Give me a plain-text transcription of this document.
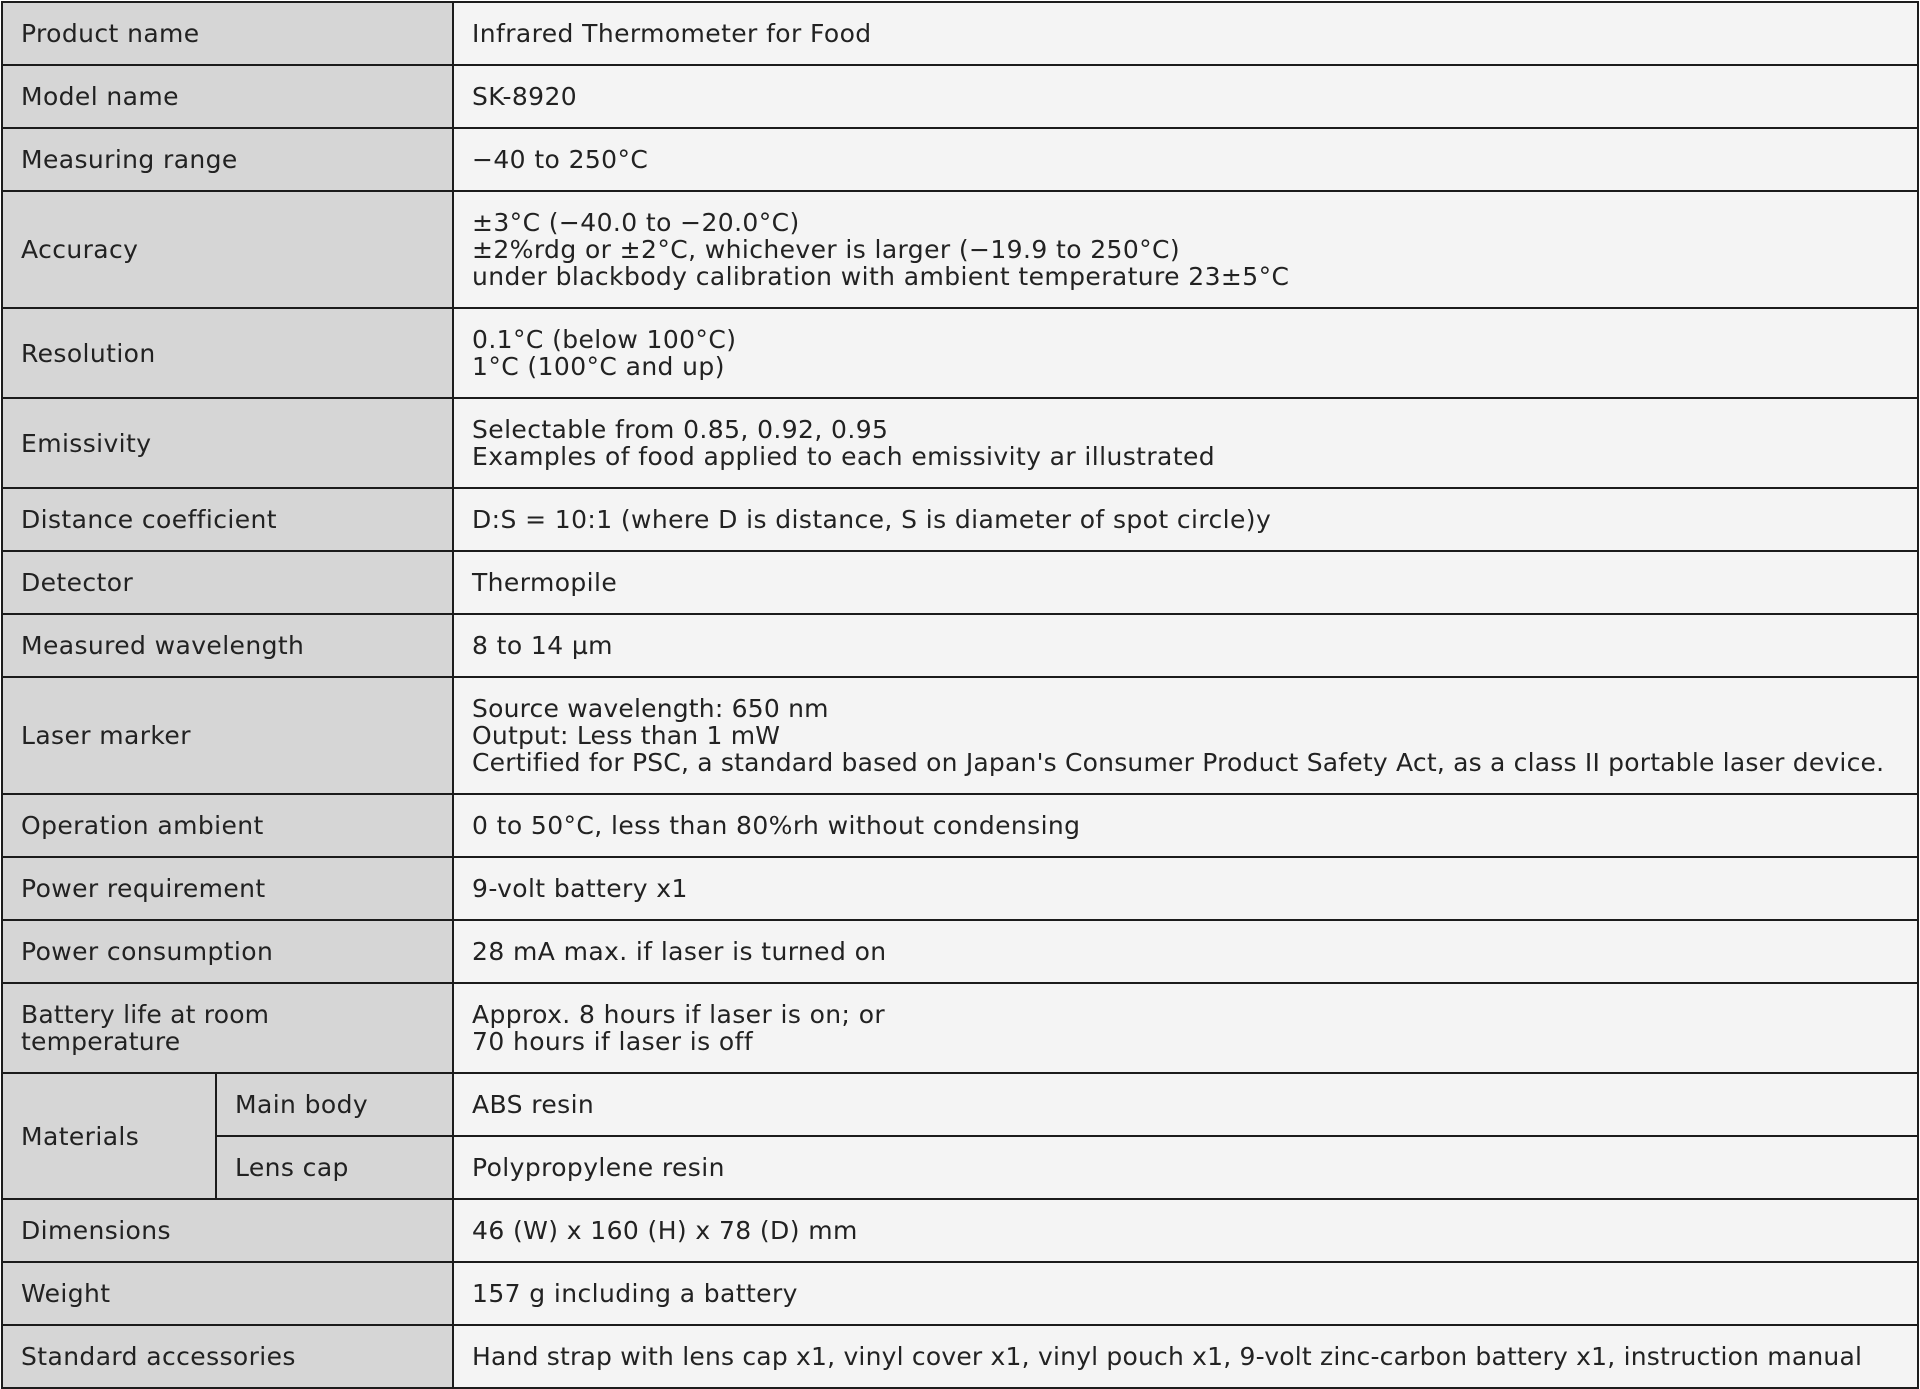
Product name		Infrared Thermometer for Food

Model name		SK-8920

Measuring range		−40 to 250°C

Accuracy		±3°C (−40.0 to −20.0°C)
±2%rdg or ±2°C, whichever is larger (−19.9 to 250°C)
under blackbody calibration with ambient temperature 23±5°C

Resolution		0.1°C (below 100°C)
1°C (100°C and up)

Emissivity		Selectable from 0.85, 0.92, 0.95
Examples of food applied to each emissivity ar illustrated

Distance coefficient		D:S = 10:1 (where D is distance, S is diameter of spot circle)y

Detector		Thermopile

Measured wavelength		8 to 14 µm

Laser marker		Source wavelength: 650 nm
Output: Less than 1 mW
Certified for PSC, a standard based on Japan's Consumer Product Safety Act, as a class II portable laser device.

Operation ambient		0 to 50°C, less than 80%rh without condensing

Power requirement		9-volt battery x1

Power consumption		28 mA max. if laser is turned on

Battery life at room temperature		Approx. 8 hours if laser is on; or
70 hours if laser is off

Materials	Main body	ABS resin
	Lens cap	Polypropylene resin
Dimensions		46 (W) x 160 (H) x 78 (D) mm
Weight		157 g including a battery
Standard accessories		Hand strap with lens cap x1, vinyl cover x1, vinyl pouch x1, 9-volt zinc-carbon battery x1, instruction manual
